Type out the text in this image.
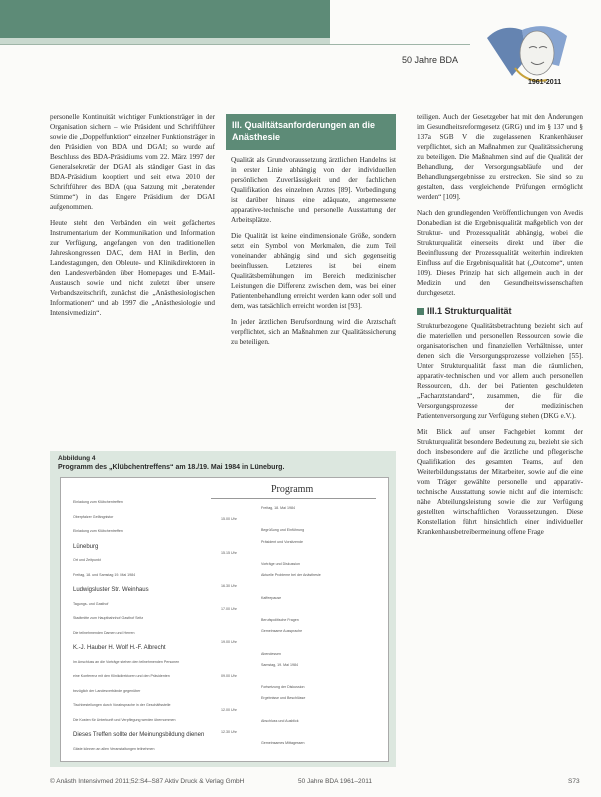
50 Jahre BDA
1961-2011

personelle Kontinuität wichtiger Funktionsträger in der Organisation sichern – wie Präsident und Schriftführer sowie die „Doppelfunktion“ einzelner Funktionsträger in den Präsidien von BDA und DGAI; so wurde auf Beschluss des BDA-Präsidiums vom 22. März 1997 der Generalsekretär der DGAI als ständiger Gast in das BDA-Präsidium kooptiert und seit etwa 2010 der Schriftführer des BDA (qua Satzung mit „beratender Stimme“) in das Engere Präsidium der DGAI aufgenommen.

Heute steht den Verbänden ein weit gefächertes Instrumentarium der Kommunikation und Information zur Verfügung, angefangen von den traditionellen Jahreskongressen DAC, dem HAI in Berlin, den Landestagungen, den Obleute- und Klinikdirektoren in den Landesverbänden über Homepages und E-Mail-Austausch sowie und nicht zuletzt über unsere Verbandszeitschrift, zunächst die „Anästhesiologischen Informationen“ und ab 1997 die „Anästhesiologie und Intensivmedizin“.

III. Qualitätsanforderungen an die Anästhesie

Qualität als Grundvoraussetzung ärztlichen Handelns ist in erster Linie abhängig von der individuellen persönlichen Zuverlässigkeit und der fachlichen Qualifikation des einzelnen Arztes [89]. Vorbedingung ist darüber hinaus eine adäquate, angemessene apparative-technische und personelle Ausstattung der Arbeitsplätze.

Die Qualität ist keine eindimensionale Größe, sondern setzt ein Symbol von Merkmalen, die zum Teil voneinander abhängig sind und sich gegenseitig beeinflussen. Letzteres ist bei einem Qualitätsbemühungen im Bereich medizinischer Leistungen die Differenz zwischen dem, was bei einer Patientenbehandlung erreicht werden kann oder soll und dem, was tatsächlich erreicht worden ist [93].

In jeder ärztlichen Berufsordnung wird die Arztschaft verpflichtet, sich an Maßnahmen zur Qualitätssicherung zu beteiligen.

teiligen. Auch der Gesetzgeber hat mit den Änderungen im Gesundheitsreformgesetz (GRG) und im § 137 und § 137a SGB V die zugelassenen Krankenhäuser verpflichtet, sich an Maßnahmen zur Qualitätssicherung zu beteiligen. Die Maßnahmen sind auf die Qualität der Behandlung, der Versorgungsabläufe und der Behandlungsergebnisse zu erstrecken. Sie sind so zu gestalten, dass vergleichende Prüfungen ermöglicht werden“ [109].

Nach den grundlegenden Veröffentlichungen von Avedis Donabedian ist die Ergebnisqualität maßgeblich von der Struktur- und Prozessqualität abhängig, wobei die Strukturqualität einerseits direkt und über die Beeinflussung der Prozessqualität weiterhin indirekten Einfluss auf die Ergebnisqualität hat („Outcome“, unten 109). Dieses Prinzip hat sich allgemein auch in der Medizin und den Gesundheitswissenschaften durchgesetzt.

III.1 Strukturqualität

Strukturbezogene Qualitätsbetrachtung bezieht sich auf die materiellen und personellen Ressourcen sowie die organisatorischen und finanziellen Verhältnisse, unter denen sich die Versorgungsprozesse vollziehen [55]. Unter Strukturqualität fasst man die räumlichen, apparativ-technischen und vor allem auch personellen Ressourcen, d.h. der bei Patienten geschuldeten „Facharztstandard“, zusammen, die für die Versorgungsprozesse der medizinischen Patientenversorgung zur Verfügung stehen (DKG e.V.).

Mit Blick auf unser Fachgebiet kommt der Strukturqualität besondere Bedeutung zu, bezieht sie sich doch insbesondere auf die ärztliche und pflegerische Qualifikation des gesamten Teams, auf den Weiterbildungsstatus der Mitarbeiter, sowie auf die eine vom Träger gewählte personelle und apparativ-technische Ausstattung sowie nicht auf die internisch: nähe Abteilungsleistung sowie die zur Verfügung gestellten wirtschaftlichen Voraussetzungen. Diese Konstellation führt hinsichtlich einer individueller Krankenhausbetreibermeinung offene Frage

Abbildung 4
Programm des „Klübchentreffens“ am 18./19. Mai 1984 in Lüneburg.
Programm
Einladung zum Klübchentreffen
Oberpfalzer Gefängnistor
Einladung zum Klübchentreffen
Lüneburg
Ort und Zeitpunkt
Freitag, 18. und Samstag 19. Mai 1984
Ludwigsluster Str. Weinhaus
Tagungs- und Gasthof
Stadtmitte zum Hauptbahnhof Gasthof Seitz
Die teilnehmenden Damen und Herren
K.-J. Hauber H. Wolf H.-F. Albrecht
Im Anschluss an die Vorträge stehen den teilnehmenden Personen
eine Konferenz mit den Klinikdirektoren und den Präsidenten
bezüglich der Landesverbände gegenüber
Tischbestellungen durch Vorabsprache in der Geschäftsstelle
Die Kosten für Unterkunft und Verpflegung werden übernommen
Dieses Treffen sollte der Meinungsbildung dienen
Gäste können an allen Veranstaltungen teilnehmen
Freitag, 18. Mai 1984
15.00 Uhr
Begrüßung und Einführung
Präsident und Vorsitzende
15.15 Uhr
Vorträge und Diskussion
Aktuelle Probleme bei der Anästhesie
16.30 Uhr
Kaffeepause
17.00 Uhr
Berufspolitische Fragen
Gemeinsame Aussprache
19.00 Uhr
Abendessen
Samstag, 19. Mai 1984
09.00 Uhr
Fortsetzung der Diskussion
Ergebnisse und Beschlüsse
12.00 Uhr
Abschluss und Ausblick
12.30 Uhr
Gemeinsames Mittagessen
© Anästh Intensivmed 2011;52:S4–S87 Aktiv Druck & Verlag GmbH	50 Jahre BDA 1961–2011	S73
